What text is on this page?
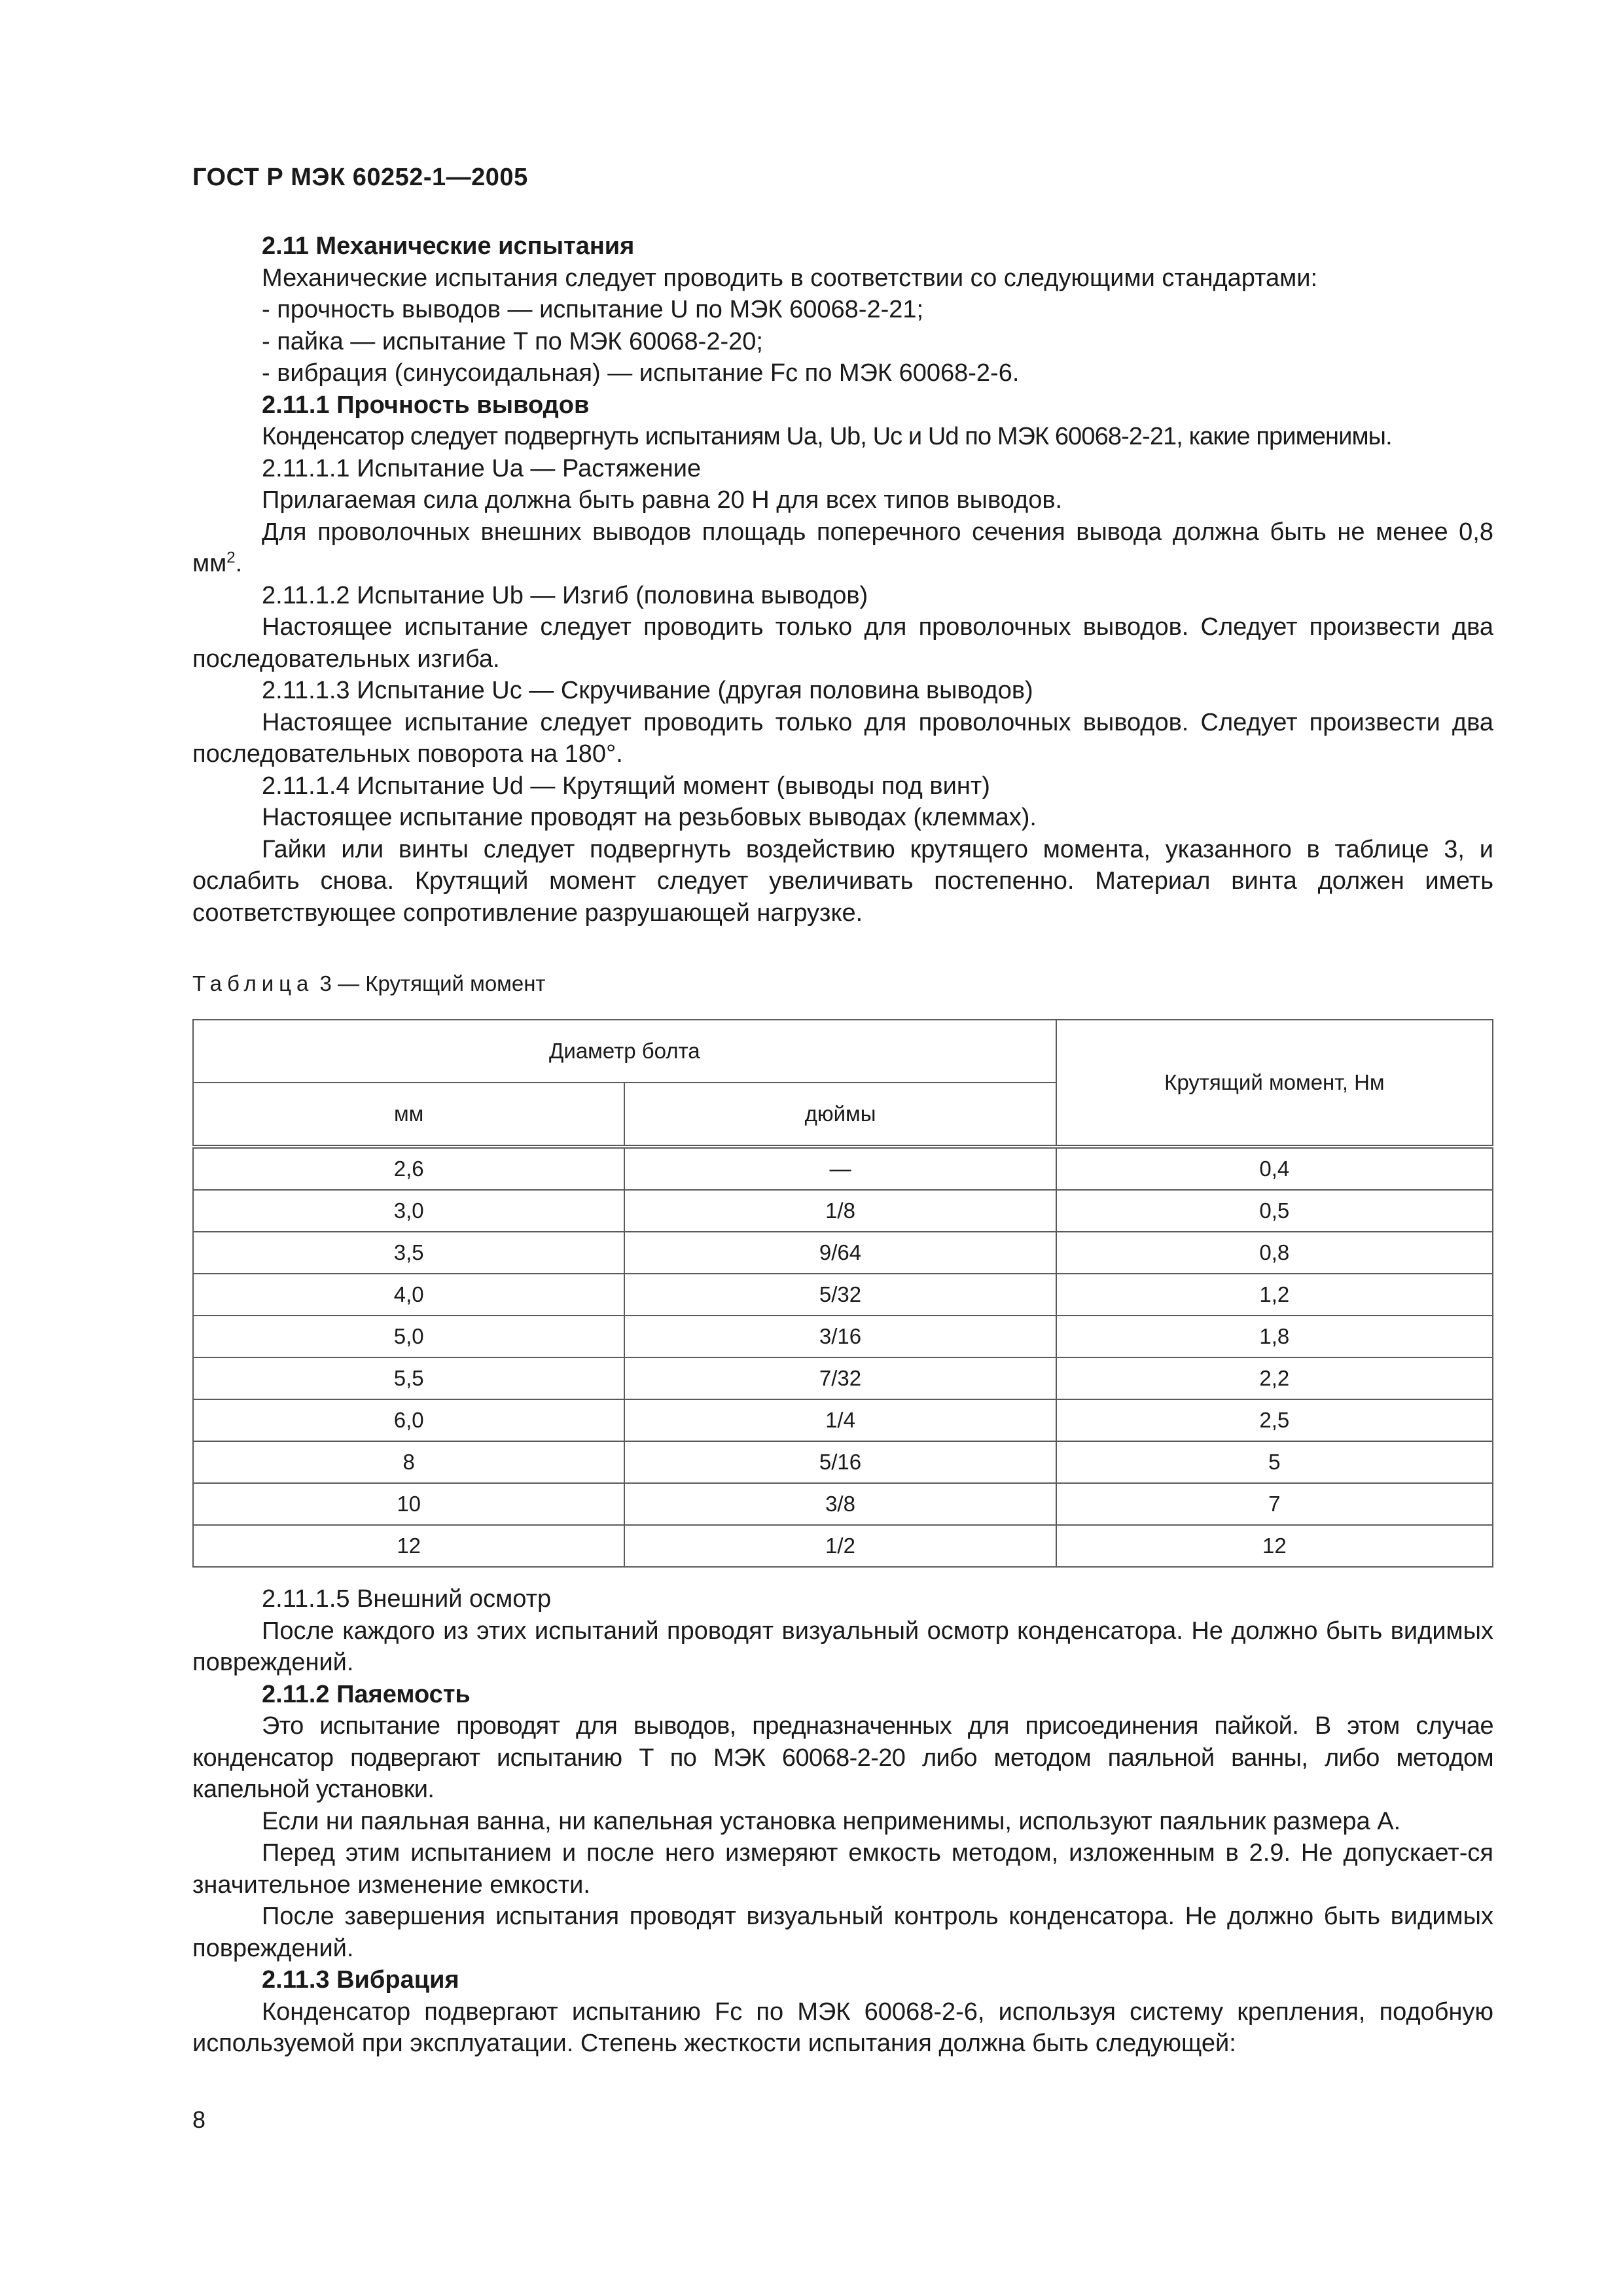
ГОСТ Р МЭК 60252-1—2005

2.11 Механические испытания

Механические испытания следует проводить в соответствии со следующими стандартами:

- прочность выводов — испытание U по МЭК 60068-2-21;

- пайка — испытание T по МЭК 60068-2-20;

- вибрация (синусоидальная) — испытание Fc по МЭК 60068-2-6.

2.11.1 Прочность выводов

Конденсатор следует подвергнуть испытаниям Ua, Ub, Uc и Ud по МЭК 60068-2-21, какие применимы.

2.11.1.1 Испытание Ua — Растяжение

Прилагаемая сила должна быть равна 20 Н для всех типов выводов.

Для проволочных внешних выводов площадь поперечного сечения вывода должна быть не менее 0,8 $мм^2$.

2.11.1.2 Испытание Ub — Изгиб (половина выводов)

Настоящее испытание следует проводить только для проволочных выводов. Следует произвести два последовательных изгиба.

2.11.1.3 Испытание Uc — Скручивание (другая половина выводов)

Настоящее испытание следует проводить только для проволочных выводов. Следует произвести два последовательных поворота на 180°.

2.11.1.4 Испытание Ud — Крутящий момент (выводы под винт)

Настоящее испытание проводят на резьбовых выводах (клеммах).

Гайки или винты следует подвергнуть воздействию крутящего момента, указанного в таблице 3, и ослабить снова. Крутящий момент следует увеличивать постепенно. Материал винта должен иметь соответствующее сопротивление разрушающей нагрузке.

Таблица 3 — Крутящий момент
Диаметр болта		Крутящий момент, Нм
мм	дюймы	
2,6	—	0,4
3,0	1/8	0,5
3,5	9/64	0,8
4,0	5/32	1,2
5,0	3/16	1,8
5,5	7/32	2,2
6,0	1/4	2,5
8	5/16	5
10	3/8	7
12	1/2	12

2.11.1.5 Внешний осмотр

После каждого из этих испытаний проводят визуальный осмотр конденсатора. Не должно быть видимых повреждений.

2.11.2 Паяемость

Это испытание проводят для выводов, предназначенных для присоединения пайкой. В этом случае конденсатор подвергают испытанию T по МЭК 60068-2-20 либо методом паяльной ванны, либо методом капельной установки.

Если ни паяльная ванна, ни капельная установка неприменимы, используют паяльник размера А.

Перед этим испытанием и после него измеряют емкость методом, изложенным в 2.9. Не допускает-ся значительное изменение емкости.

После завершения испытания проводят визуальный контроль конденсатора. Не должно быть видимых повреждений.

2.11.3 Вибрация

Конденсатор подвергают испытанию Fc по МЭК 60068-2-6, используя систему крепления, подобную используемой при эксплуатации. Степень жесткости испытания должна быть следующей:

8
